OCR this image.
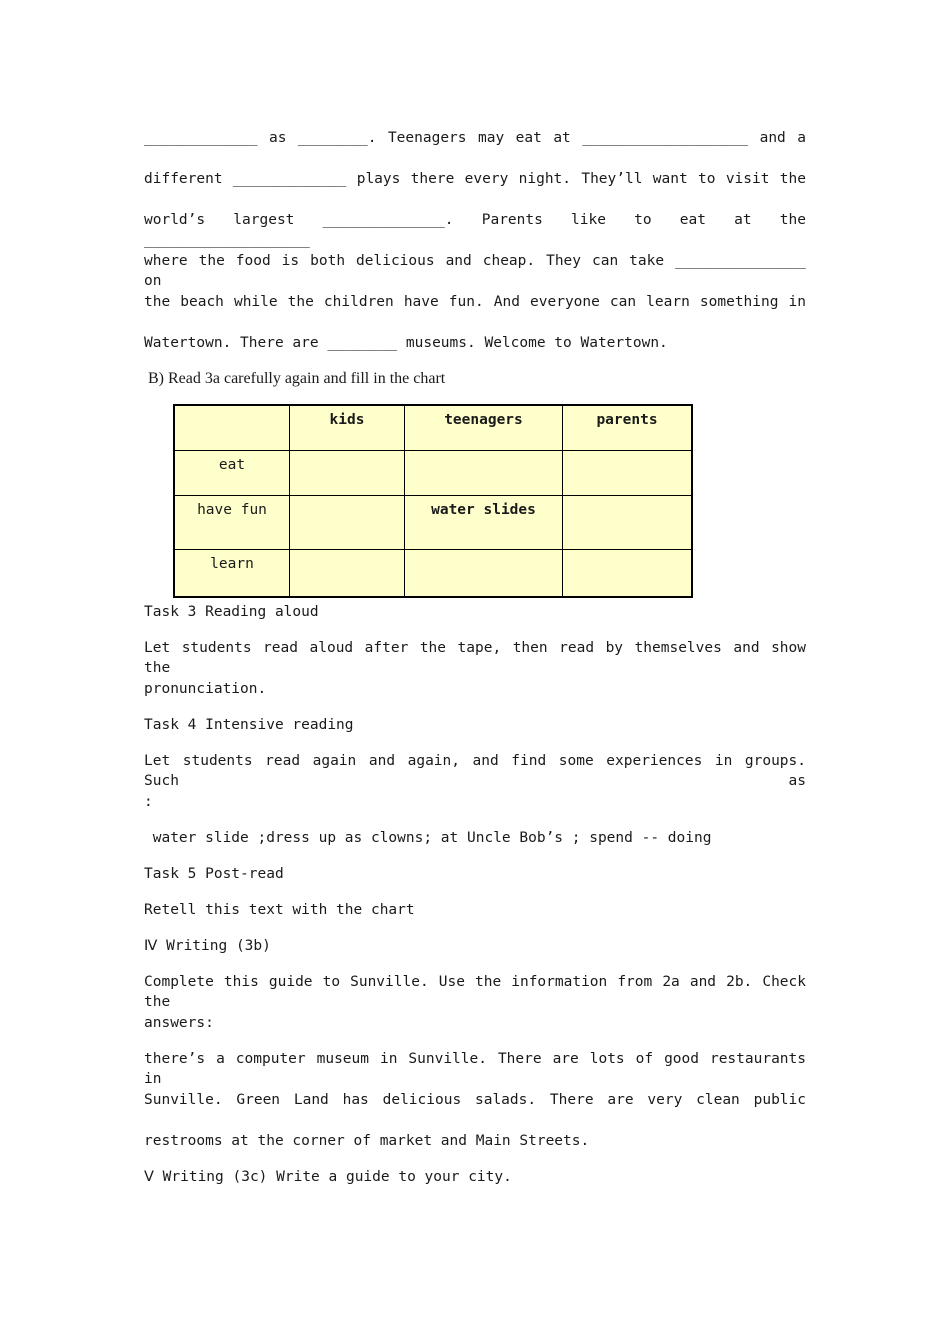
_____________ as ________. Teenagers may eat at ___________________ and a
different _____________ plays there every night. They’ll want to visit the
world’s largest ______________. Parents like to eat at the ___________________
where the food is both delicious and cheap. They can take _______________ on
the beach while the children have fun. And everyone can learn something in
Watertown. There are ________ museums. Welcome to Watertown.
B) Read 3a carefully again and fill in the chart

	kids	teenagers	parents

eat			

have fun		water slides	

learn			

Task 3 Reading aloud
Let students read aloud after the tape, then read by themselves and show the
pronunciation.
Task 4 Intensive reading
Let students read again and again, and find some experiences in groups. Such as
:
water slide ;dress up as clowns; at Uncle Bob’s ; spend -- doing
Task 5 Post-read
Retell this text with the chart
Ⅳ Writing (3b)
Complete this guide to Sunville. Use the information from 2a and 2b. Check the
answers:
there’s a computer museum in Sunville. There are lots of good restaurants in
Sunville. Green Land has delicious salads. There are very clean public
restrooms at the corner of market and Main Streets.
Ⅴ Writing (3c) Write a guide to your city.
